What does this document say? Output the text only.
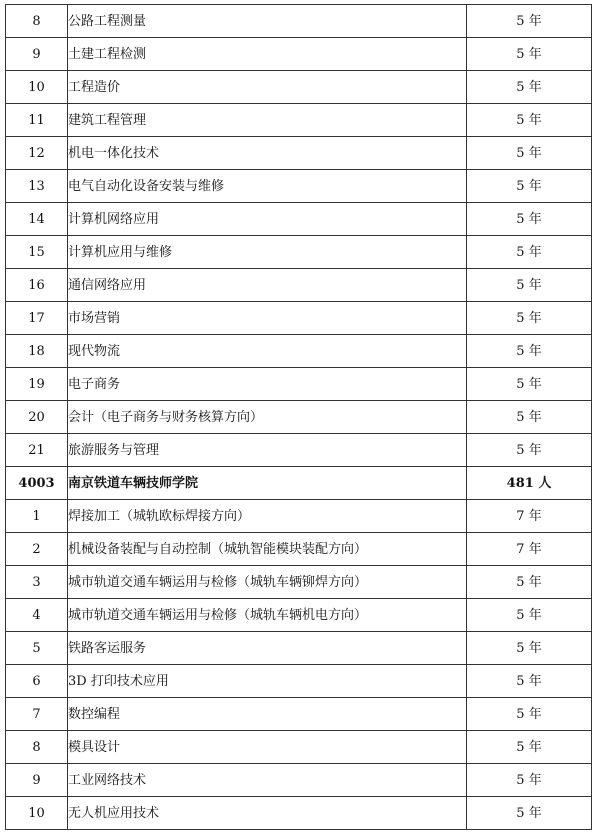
8	公路工程测量	5 年
9	土建工程检测	5 年
10	工程造价	5 年
11	建筑工程管理	5 年
12	机电一体化技术	5 年
13	电气自动化设备安装与维修	5 年
14	计算机网络应用	5 年
15	计算机应用与维修	5 年
16	通信网络应用	5 年
17	市场营销	5 年
18	现代物流	5 年
19	电子商务	5 年
20	会计（电子商务与财务核算方向）	5 年
21	旅游服务与管理	5 年
4003	南京铁道车辆技师学院	481 人
1	焊接加工（城轨欧标焊接方向）	7 年
2	机械设备装配与自动控制（城轨智能模块装配方向）	7 年
3	城市轨道交通车辆运用与检修（城轨车辆铆焊方向）	5 年
4	城市轨道交通车辆运用与检修（城轨车辆机电方向）	5 年
5	铁路客运服务	5 年
6	3D 打印技术应用	5 年
7	数控编程	5 年
8	模具设计	5 年
9	工业网络技术	5 年
10	无人机应用技术	5 年
